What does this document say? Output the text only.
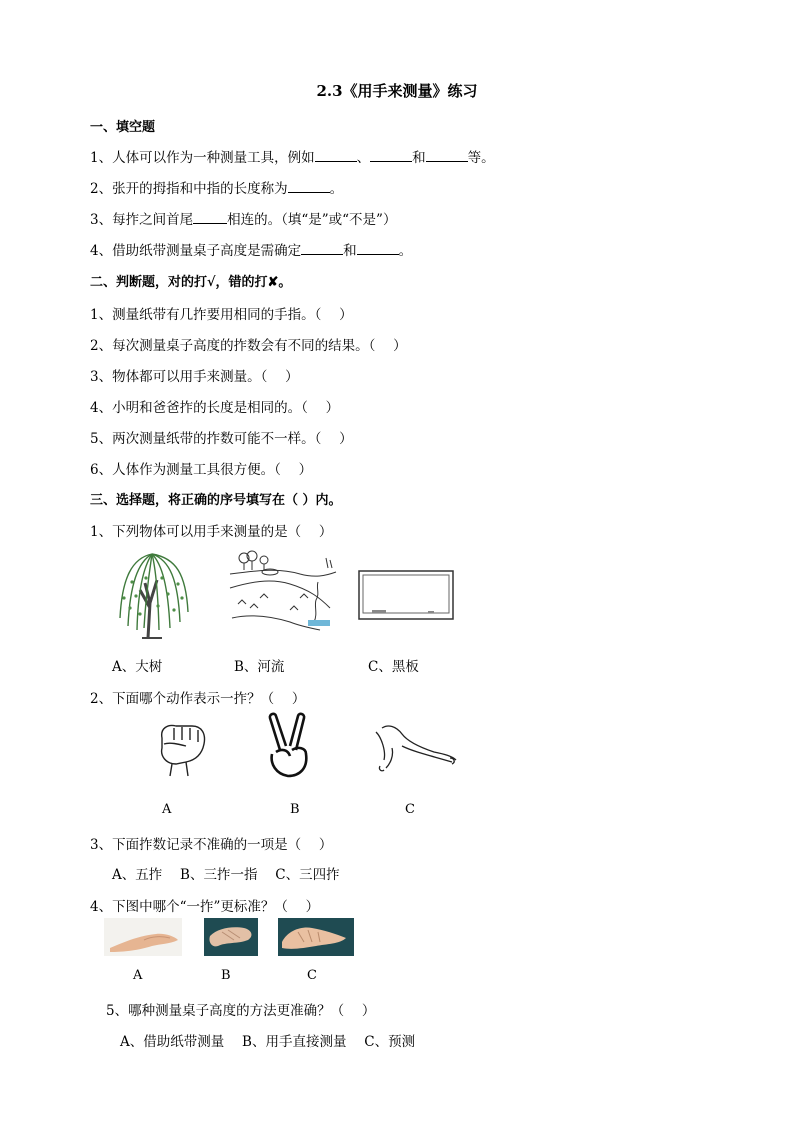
2.3《用手来测量》练习
一、填空题
1、人体可以作为一种测量工具，例如	、	和	等。
2、张开的拇指和中指的长度称为	。
3、每拃之间首尾	相连的。（填“是”或“不是”）
4、借助纸带测量桌子高度是需确定	和	。
二、判断题，对的打√，错的打✘。
1、测量纸带有几拃要用相同的手指。（　 ）
2、每次测量桌子高度的拃数会有不同的结果。（　 ）
3、物体都可以用手来测量。（　 ）
4、小明和爸爸拃的长度是相同的。（　 ）
5、两次测量纸带的拃数可能不一样。（　 ）
6、人体作为测量工具很方便。（　 ）
三、选择题，将正确的序号填写在（ ）内。
1、下列物体可以用手来测量的是（　 ）
A、大树	B、河流	C、黑板
2、下面哪个动作表示一拃？（　 ）
A	B	C
3、下面拃数记录不准确的一项是（　 ）
A、五拃　 B、三拃一指　 C、三四拃
4、下图中哪个“一拃”更标准？（　 ）
A	B	C
5、哪种测量桌子高度的方法更准确？（　 ）
A、借助纸带测量　 B、用手直接测量　 C、预测
